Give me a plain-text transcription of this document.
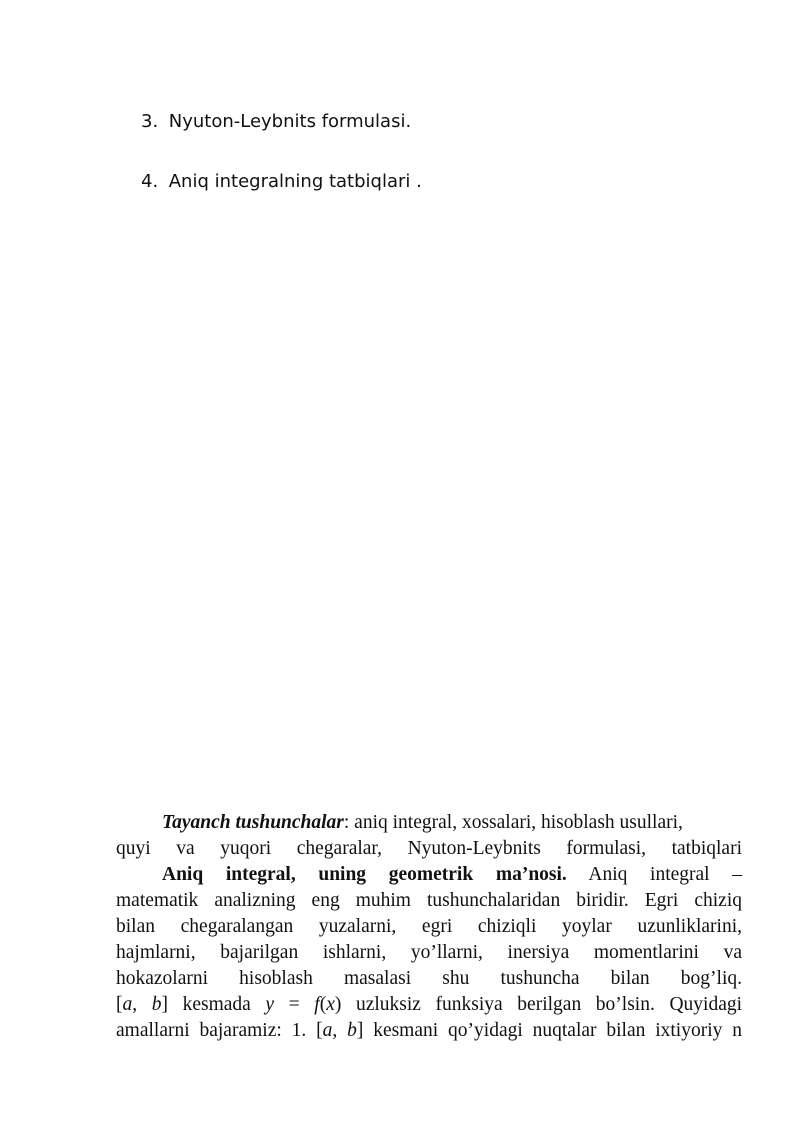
3. Nyuton-Leybnits formulasi.
4. Aniq integralning tatbiqlari .
Tayanch tushunchalar: aniq integral, xossalari, hisoblash usullari,
quyi va yuqori chegaralar, Nyuton-Leybnits formulasi, tatbiqlari
Aniq integral, uning geometrik ma’nosi. Aniq integral –
matematik analizning eng muhim tushunchalaridan biridir. Egri chiziq
bilan chegaralangan yuzalarni, egri chiziqli yoylar uzunliklarini,
hajmlarni, bajarilgan ishlarni, yo’llarni, inersiya momentlarini va
hokazolarni hisoblash masalasi shu tushuncha bilan bog’liq.
[a, b] kesmada y = f(x) uzluksiz funksiya berilgan bo’lsin. Quyidagi
amallarni bajaramiz: 1. [a, b] kesmani qo’yidagi nuqtalar bilan ixtiyoriy n
